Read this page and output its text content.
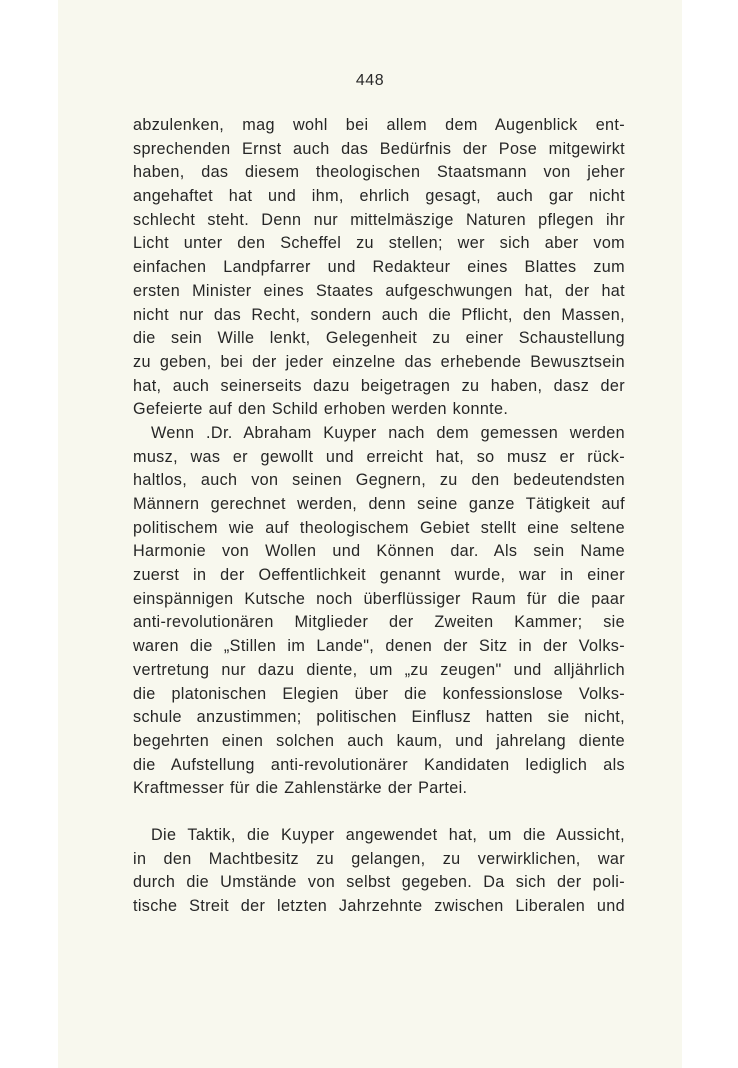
448
abzulenken, mag wohl bei allem dem Augenblick ent-
sprechenden Ernst auch das Bedürfnis der Pose mitgewirkt
haben, das diesem theologischen Staatsmann von jeher
angehaftet hat und ihm, ehrlich gesagt, auch gar nicht
schlecht steht. Denn nur mittelmäszige Naturen pflegen ihr
Licht unter den Scheffel zu stellen; wer sich aber vom
einfachen Landpfarrer und Redakteur eines Blattes zum
ersten Minister eines Staates aufgeschwungen hat, der hat
nicht nur das Recht, sondern auch die Pflicht, den Massen,
die sein Wille lenkt, Gelegenheit zu einer Schaustellung
zu geben, bei der jeder einzelne das erhebende Bewusztsein
hat, auch seinerseits dazu beigetragen zu haben, dasz der
Gefeierte auf den Schild erhoben werden konnte.
Wenn .Dr. Abraham Kuyper nach dem gemessen werden
musz, was er gewollt und erreicht hat, so musz er rück-
haltlos, auch von seinen Gegnern, zu den bedeutendsten
Männern gerechnet werden, denn seine ganze Tätigkeit auf
politischem wie auf theologischem Gebiet stellt eine seltene
Harmonie von Wollen und Können dar. Als sein Name
zuerst in der Oeffentlichkeit genannt wurde, war in einer
einspännigen Kutsche noch überflüssiger Raum für die paar
anti-revolutionären Mitglieder der Zweiten Kammer; sie
waren die „Stillen im Lande", denen der Sitz in der Volks-
vertretung nur dazu diente, um „zu zeugen" und alljährlich
die platonischen Elegien über die konfessionslose Volks-
schule anzustimmen; politischen Einflusz hatten sie nicht,
begehrten einen solchen auch kaum, und jahrelang diente
die Aufstellung anti-revolutionärer Kandidaten lediglich als
Kraftmesser für die Zahlenstärke der Partei.
Die Taktik, die Kuyper angewendet hat, um die Aussicht,
in den Machtbesitz zu gelangen, zu verwirklichen, war
durch die Umstände von selbst gegeben. Da sich der poli-
tische Streit der letzten Jahrzehnte zwischen Liberalen und
